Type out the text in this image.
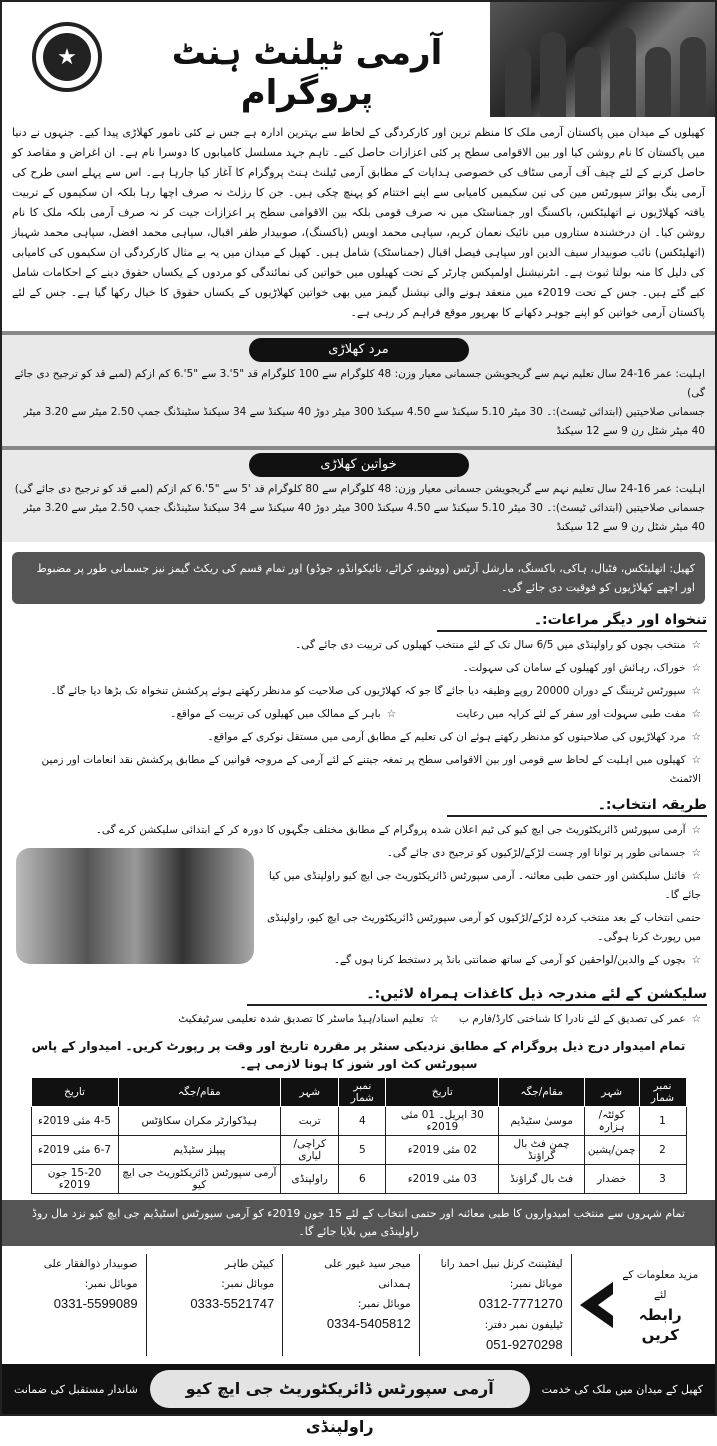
★	آرمی ٹیلنٹ ہنٹ پروگرام
کھیلوں کے میدان میں پاکستان آرمی ملک کا منظم ترین اور کارکردگی کے لحاظ سے بہترین ادارہ ہے جس نے کئی نامور کھلاڑی پیدا کیے۔ جنہوں نے دنیا میں پاکستان کا نام روشن کیا اور بین الاقوامی سطح پر کئی اعزازات حاصل کیے۔ تاہم جہد مسلسل کامیابوں کا دوسرا نام ہے۔ ان اغراض و مقاصد کو حاصل کرنے کے لئے چیف آف آرمی سٹاف کی خصوصی ہدایات کے مطابق آرمی ٹیلنٹ ہنٹ پروگرام کا آغاز کیا جارہا ہے۔ اس سے پہلے اسی طرح کی آرمی ینگ بوائز سپورٹس مین کی تین سکیمیں کامیابی سے اپنے اختتام کو پہنچ چکی ہیں۔ جن کا رزلٹ نہ صرف اچھا رہا بلکہ ان سکیموں کے تربیت یافتہ کھلاڑیوں نے اتھلیٹکس، باکسنگ اور جمناسٹک میں نہ صرف قومی بلکہ بین الاقوامی سطح پر اعزازات جیت کر نہ صرف آرمی بلکہ ملک کا نام روشن کیا۔ ان درخشندہ ستاروں میں نائیک نعمان کریم، سپاہی محمد اویس (باکسنگ)، صوبیدار ظفر اقبال، سپاہی محمد افضل، سپاہی محمد شہباز (اتھلیٹکس) نائب صوبیدار سیف الدین اور سپاہی فیصل اقبال (جمناسٹک) شامل ہیں۔ کھیل کے میدان میں یہ بے مثال کارکردگی ان سکیموں کی کامیابی کی دلیل کا منہ بولتا ثبوت ہے۔ انٹرنیشنل اولمپکس چارٹر کے تحت کھیلوں میں خواتین کی نمائندگی کو مردوں کے یکساں حقوق دینے کے احکامات شامل کیے گئے ہیں۔ جس کے تحت 2019ء میں منعقد ہونے والی نیشنل گیمز میں بھی خواتین کھلاڑیوں کے یکساں حقوق کا خیال رکھا گیا ہے۔ جس کے لئے پاکستان آرمی خواتین کو اپنے جوہر دکھانے کا بھرپور موقع فراہم کر رہی ہے۔
مرد کھلاڑی

اہلیت: عمر 16-24 سال تعلیم نہم سے گریجویشن جسمانی معیار وزن: 48 کلوگرام سے 100 کلوگرام قد "5'.3 سے "5'.6 کم ازکم (لمبے قد کو ترجیح دی جائے گی)

جسمانی صلاحیتیں (ابتدائی ٹیسٹ):۔ 30 میٹر 5.10 سیکنڈ سے 4.50 سیکنڈ 300 میٹر دوڑ 40 سیکنڈ سے 34 سیکنڈ سٹینڈنگ جمپ 2.50 میٹر سے 3.20 میٹر 40 میٹر شٹل رن 9 سے 12 سیکنڈ

خواتین کھلاڑی

اہلیت: عمر 16-24 سال تعلیم نہم سے گریجویشن جسمانی معیار وزن: 48 کلوگرام سے 80 کلوگرام قد '5 سے "5'.6 کم ازکم (لمبے قد کو ترجیح دی جائے گی)

جسمانی صلاحیتیں (ابتدائی ٹیسٹ):۔ 30 میٹر 5.10 سیکنڈ سے 4.50 سیکنڈ 300 میٹر دوڑ 40 سیکنڈ سے 34 سیکنڈ سٹینڈنگ جمپ 2.50 میٹر سے 3.20 میٹر 40 میٹر شٹل رن 9 سے 12 سیکنڈ

کھیل: اتھلیٹکس، فٹبال، ہاکی، باکسنگ، مارشل آرٹس (ووشو، کراٹے، تائیکوانڈو، جوڈو) اور تمام قسم کی ریکٹ گیمز نیز جسمانی طور پر مضبوط اور اچھے کھلاڑیوں کو فوقیت دی جائے گی۔
تنخواہ اور دیگر مراعات:۔
☆منتخب بچوں کو راولپنڈی میں 6/5 سال تک کے لئے منتخب کھیلوں کی تربیت دی جائے گی۔
☆خوراک، رہائش اور کھیلوں کے سامان کی سہولت۔
☆سپورٹس ٹریننگ کے دوران 20000 روپے وظیفہ دیا جائے گا جو کہ کھلاڑیوں کی صلاحیت کو مدنظر رکھتے ہوئے پرکشش تنخواہ تک بڑھا دیا جائے گا۔
☆مفت طبی سہولت اور سفر کے لئے کرایہ میں رعایت☆باہر کے ممالک میں کھیلوں کی تربیت کے مواقع۔
☆مرد کھلاڑیوں کی صلاحیتوں کو مدنظر رکھتے ہوئے ان کی تعلیم کے مطابق آرمی میں مستقل نوکری کے مواقع۔
☆کھیلوں میں اہلیت کے لحاظ سے قومی اور بین الاقوامی سطح پر تمغہ جیتنے کے لئے آرمی کے مروجہ قوانین کے مطابق پرکشش نقد انعامات اور زمین الاٹمنٹ
طریقہ انتخاب:۔
☆آرمی سپورٹس ڈائریکٹوریٹ جی ایچ کیو کی ٹیم اعلان شدہ پروگرام کے مطابق مختلف جگہوں کا دورہ کر کے ابتدائی سلیکشن کرے گی۔
☆جسمانی طور پر توانا اور چست لڑکے/لڑکیوں کو ترجیح دی جائے گی۔
☆فائنل سلیکشن اور حتمی طبی معائنہ۔ آرمی سپورٹس ڈائریکٹوریٹ جی ایچ کیو راولپنڈی میں کیا جائے گا۔
حتمی انتخاب کے بعد منتخب کردہ لڑکے/لڑکیوں کو آرمی سپورٹس ڈائریکٹوریٹ جی ایچ کیو، راولپنڈی میں رپورٹ کرنا ہوگی۔
☆بچوں کے والدین/لواحقین کو آرمی کے ساتھ ضمانتی بانڈ پر دستخط کرنا ہوں گے۔
سلیکشن کے لئے مندرجہ ذیل کاغذات ہمراہ لائیں:۔
☆عمر کی تصدیق کے لئے نادرا کا شناختی کارڈ/فارم ب☆تعلیم اسناد/ہیڈ ماسٹر کا تصدیق شدہ تعلیمی سرٹیفکیٹ
تمام امیدوار درج ذیل پروگرام کے مطابق نزدیکی سنٹر پر مقررہ تاریخ اور وقت پر رپورٹ کریں۔ امیدوار کے پاس سپورٹس کٹ اور شوز کا ہونا لازمی ہے۔
نمبر شمار	شہر	مقام/جگہ	تاریخ	نمبر شمار	شہر	مقام/جگہ	تاریخ
1	کوئٹہ/ہزارہ	موسیٰ سٹیڈیم	30 اپریل۔ 01 مئی 2019ء	4	تربت	ہیڈکوارٹر مکران سکاؤٹس	4-5 مئی 2019ء
2	چمن/پشین	چمن فٹ بال گراؤنڈ	02 مئی 2019ء	5	کراچی/لیاری	پیپلز سٹیڈیم	6-7 مئی 2019ء
3	خضدار	فٹ بال گراؤنڈ	03 مئی 2019ء	6	راولپنڈی	آرمی سپورٹس ڈائریکٹوریٹ جی ایچ کیو	15-20 جون 2019ء
تمام شہروں سے منتخب امیدواروں کا طبی معائنہ اور حتمی انتخاب کے لئے 15 جون 2019ء کو آرمی سپورٹس اسٹیڈیم جی ایچ کیو نزد مال روڈ راولپنڈی میں بلایا جائے گا۔
مزید معلومات کے لئے
رابطہ کریں
لیفٹیننٹ کرنل نبیل احمد رانا
موبائل نمبر: 0312-7771270
ٹیلیفون نمبر دفتر: 051-9270298
میجر سید غیور علی ہمدانی
موبائل نمبر: 0334-5405812
کیپٹن طاہر
موبائل نمبر: 0333-5521747
صوبیدار ذوالفقار علی
موبائل نمبر: 0331-5599089
کھیل کے میدان میں ملک کی خدمت
آرمی سپورٹس ڈائریکٹوریٹ جی ایچ کیو راولپنڈی
شاندار مستقبل کی ضمانت
